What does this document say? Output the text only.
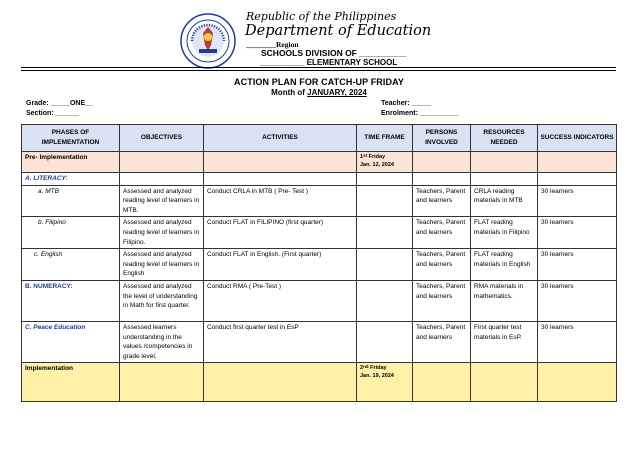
Republic of the Philippines
Department of Education
________Region
SCHOOLS DIVISION OF __________
__________ ELEMENTARY SCHOOL
ACTION PLAN FOR CATCH-UP FRIDAY
Month of JANUARY, 2024
Grade: _____ONE__
Section: ______
Teacher: _____
Enrolment: __________
PHASES OF IMPLEMENTATION	OBJECTIVES	ACTIVITIES	TIME FRAME	PERSONS INVOLVED	RESOURCES NEEDED	SUCCESS INDICATORS
Pre- Implementation			1st Friday
Jan. 12, 2024			
A. LITERACY:						
a. MTB	Assessed and analyzed reading level of learners in MTB.	Conduct CRLA in MTB ( Pre- Test )		Teachers, Parent and learners	CRLA reading materials in MTB	30 learners
b. Filipino	Assessed and analyzed reading level of learners in Filipino.	Conduct FLAT in FILIPINO (first quarter)		Teachers, Parent and learners	FLAT reading materials in Filipino	30 learners
c. English	Assessed and analyzed reading level of learners in English	Conduct FLAT in English. (First quarter)		Teachers, Parent and learners	FLAT reading materials in English	30 learners
B. NUMERACY:	Assessed and analyzed the level of understanding in Math for first quarter.	Conduct RMA ( Pre-Test )		Teachers, Parent and learners	RMA materials in mathematics.	30 learners
C. Peace Education	Assessed learners understanding in the values /competencies in grade level.	Conduct first quarter test in EsP		Teachers, Parent and learners	First quarter test materials in EsP.	30 learners
Implementation			2nd Friday
Jan. 19, 2024			
